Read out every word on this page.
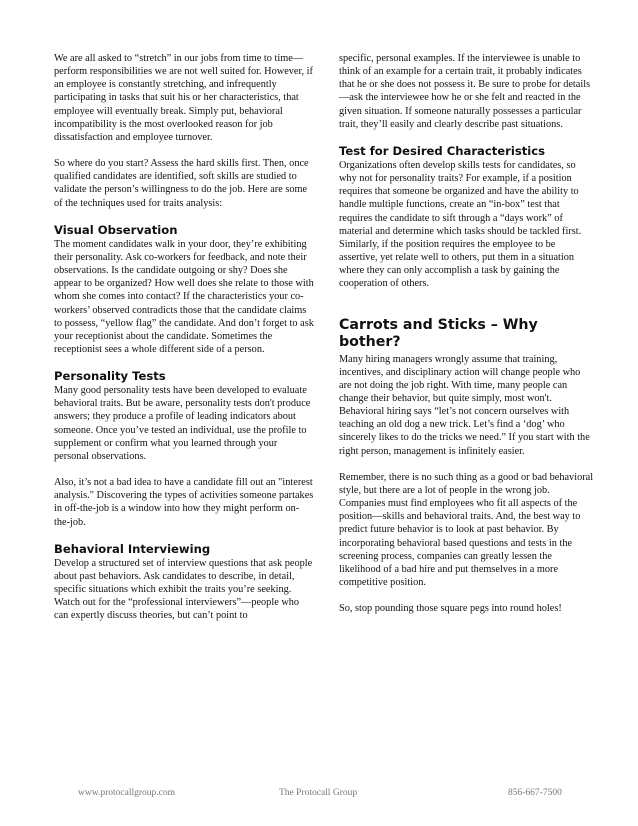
We are all asked to “stretch” in our jobs from time to time—perform responsibilities we are not well suited for. However, if an employee is constantly stretching, and infrequently participating in tasks that suit his or her characteristics, that employee will eventually break. Simply put, behavioral incompatibility is the most overlooked reason for job dissatisfaction and employee turnover.

So where do you start? Assess the hard skills first. Then, once qualified candidates are identified, soft skills are studied to validate the person’s willingness to do the job. Here are some of the techniques used for traits analysis:

Visual Observation

The moment candidates walk in your door, they’re exhibiting their personality. Ask co-workers for feedback, and note their observations. Is the candidate outgoing or shy? Does she appear to be organized? How well does she relate to those with whom she comes into contact? If the characteristics your co-workers’ observed contradicts those that the candidate claims to possess, “yellow flag” the candidate. And don’t forget to ask your receptionist about the candidate. Sometimes the receptionist sees a whole different side of a person.

Personality Tests

Many good personality tests have been developed to evaluate behavioral traits. But be aware, personality tests don't produce answers; they produce a profile of leading indicators about someone. Once you’ve tested an individual, use the profile to supplement or confirm what you learned through your personal observations.

Also, it’s not a bad idea to have a candidate fill out an "interest analysis." Discovering the types of activities someone partakes in off-the-job is a window into how they might perform on-the-job.

Behavioral Interviewing

Develop a structured set of interview questions that ask people about past behaviors. Ask candidates to describe, in detail, specific situations which exhibit the traits you’re seeking. Watch out for the “professional interviewers”—people who can expertly discuss theories, but can’t point to

specific, personal examples. If the interviewee is unable to think of an example for a certain trait, it probably indicates that he or she does not possess it. Be sure to probe for details—ask the interviewee how he or she felt and reacted in the given situation. If someone naturally possesses a particular trait, they’ll easily and clearly describe past situations.

Test for Desired Characteristics

Organizations often develop skills tests for candidates, so why not for personality traits? For example, if a position requires that someone be organized and have the ability to handle multiple functions, create an “in-box” test that requires the candidate to sift through a “days work” of material and determine which tasks should be tackled first. Similarly, if the position requires the employee to be assertive, yet relate well to others, put them in a situation where they can only accomplish a task by gaining the cooperation of others.

Carrots and Sticks – Why bother?

Many hiring managers wrongly assume that training, incentives, and disciplinary action will change people who are not doing the job right. With time, many people can change their behavior, but quite simply, most won't. Behavioral hiring says “let’s not concern ourselves with teaching an old dog a new trick. Let’s find a ‘dog’ who sincerely likes to do the tricks we need.” If you start with the right person, management is infinitely easier.

Remember, there is no such thing as a good or bad behavioral style, but there are a lot of people in the wrong job. Companies must find employees who fit all aspects of the position—skills and behavioral traits. And, the best way to predict future behavior is to look at past behavior. By incorporating behavioral based questions and tests in the screening process, companies can greatly lessen the likelihood of a bad hire and put themselves in a more competitive position.

So, stop pounding those square pegs into round holes!

www.protocallgroup.com	The Protocall Group	856-667-7500
